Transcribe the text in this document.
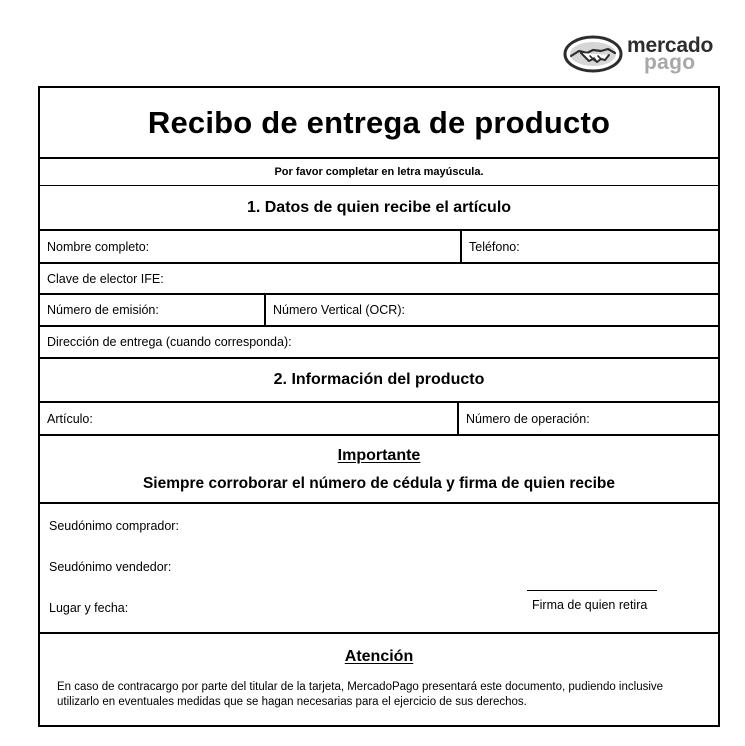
mercado
pago
Recibo de entrega de producto
Por favor completar en letra mayúscula.
1. Datos de quien recibe el artículo
Nombre completo:	Teléfono:
Clave de elector IFE:
Número de emisión:	Número Vertical (OCR):
Dirección de entrega (cuando corresponda):
2. Información del producto
Artículo:	Número de operación:
Importante
Siempre corroborar el número de cédula y firma de quien recibe
Seudónimo comprador:
Seudónimo vendedor:
Lugar y fecha:	Firma de quien retira
Atención
En caso de contracargo por parte del titular de la tarjeta, MercadoPago presentará este documento, pudiendo inclusive utilizarlo en eventuales medidas que se hagan necesarias para el ejercicio de sus derechos.
